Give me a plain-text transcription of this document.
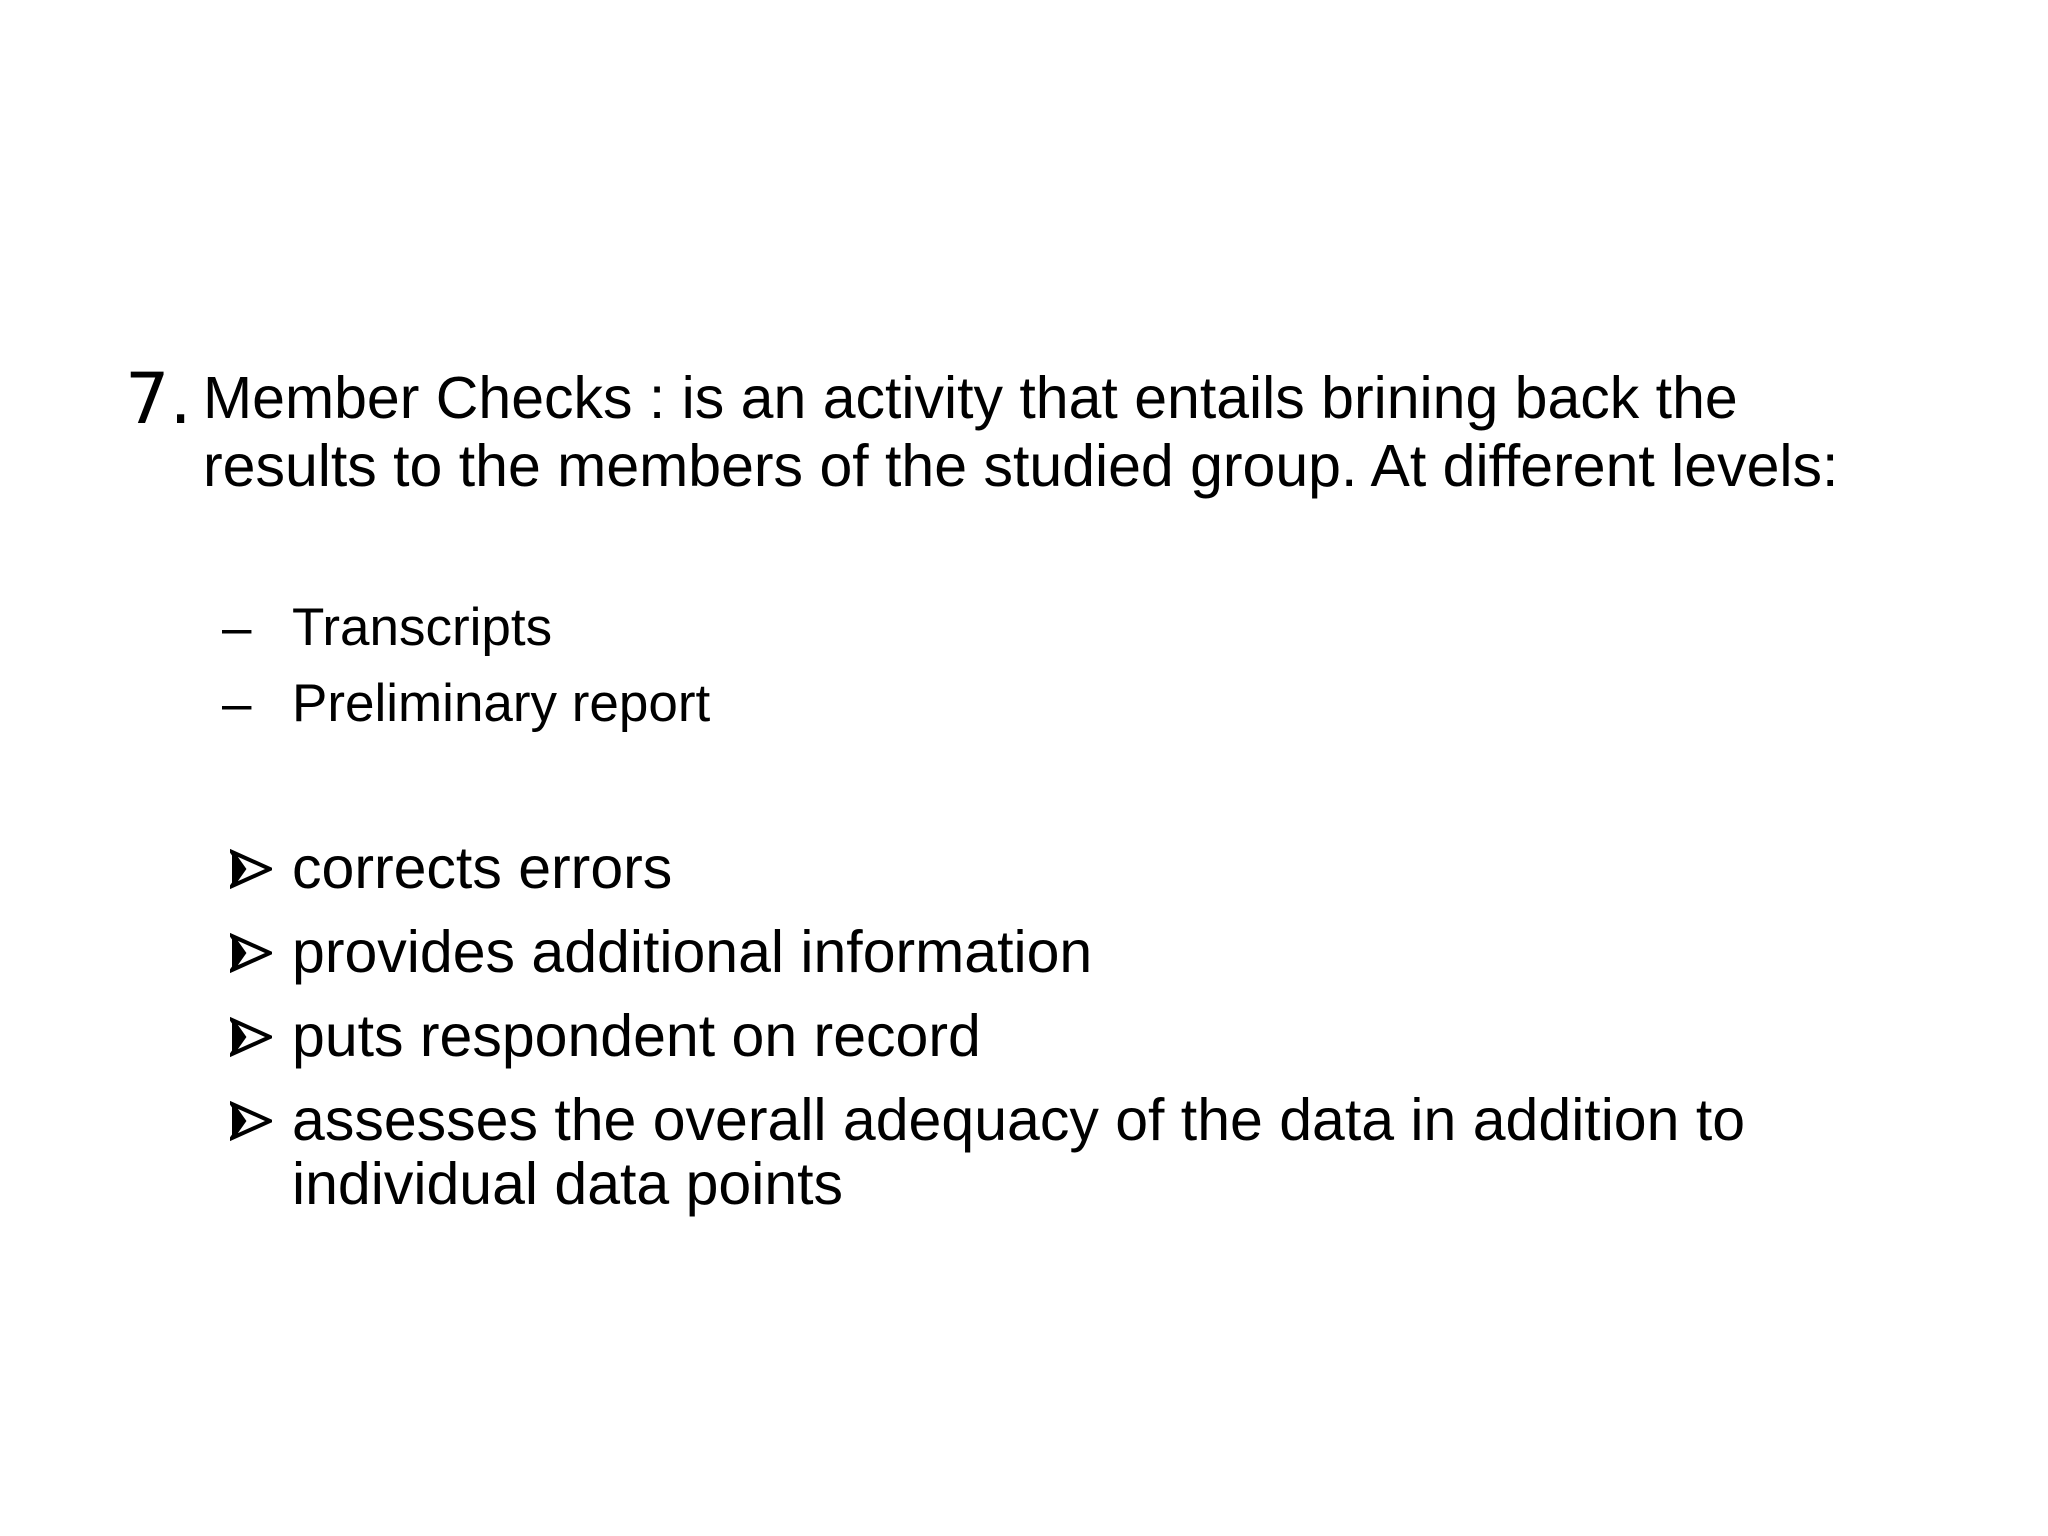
7. Member Checks : is an activity that entails brining back the results to the members of the studied group. At different levels:
– Transcripts
– Preliminary report
corrects errors
provides additional information
puts respondent on record
assesses the overall adequacy of the data in addition to individual data points
